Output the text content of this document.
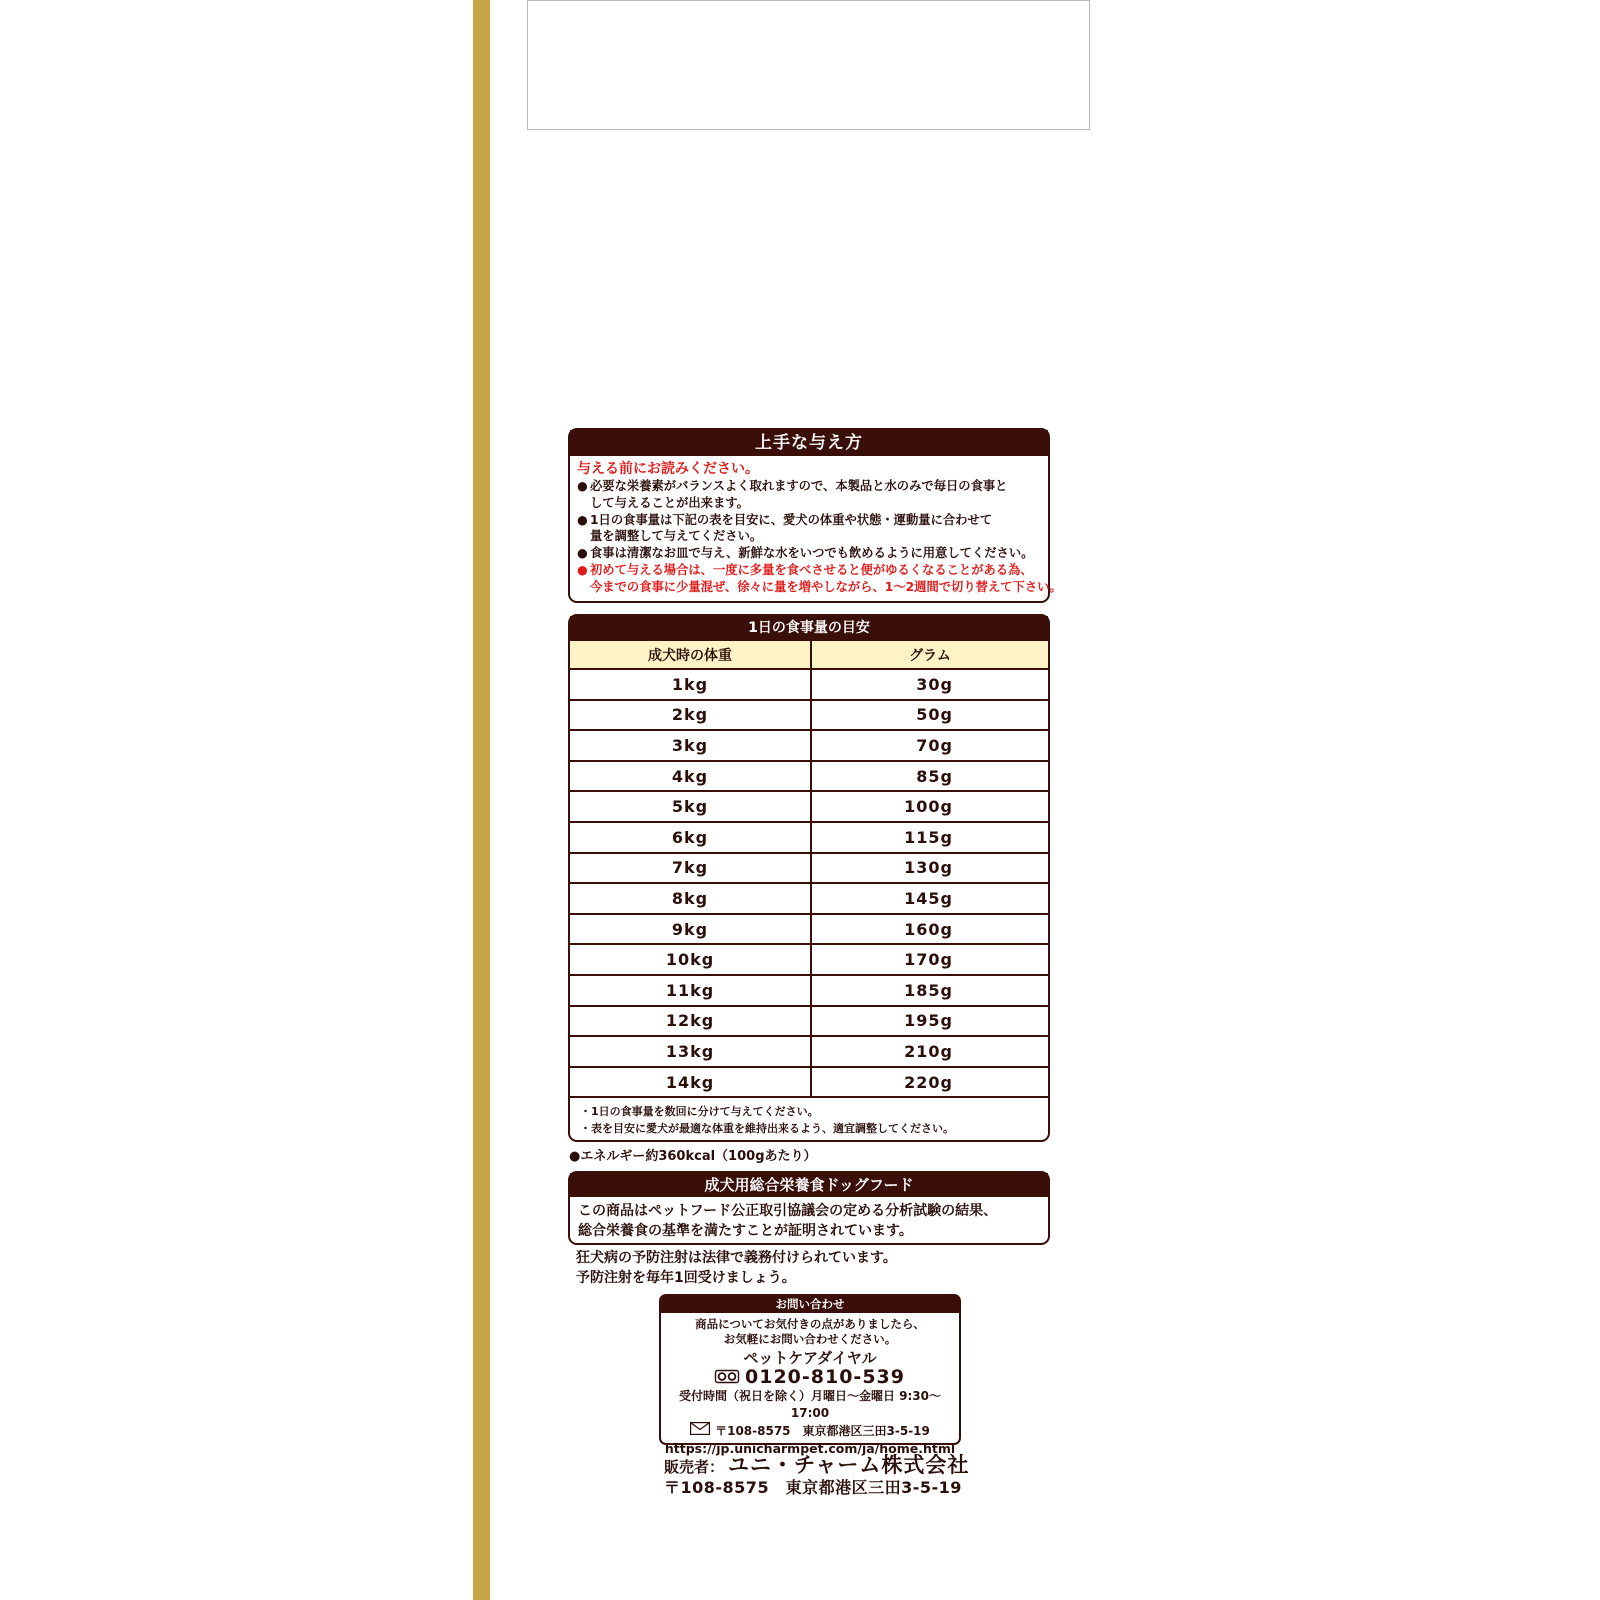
上手な与え方
与える前にお読みください。
● 必要な栄養素がバランスよく取れますので、本製品と水のみで毎日の食事と
して与えることが出来ます。
● 1日の食事量は下記の表を目安に、愛犬の体重や状態・運動量に合わせて
量を調整して与えてください。
● 食事は清潔なお皿で与え、新鮮な水をいつでも飲めるように用意してください。
● 初めて与える場合は、一度に多量を食べさせると便がゆるくなることがある為、
今までの食事に少量混ぜ、徐々に量を増やしながら、1〜2週間で切り替えて下さい。
1日の食事量の目安
成犬時の体重	グラム
1kg	30g
2kg	50g
3kg	70g
4kg	85g
5kg	100g
6kg	115g
7kg	130g
8kg	145g
9kg	160g
10kg	170g
11kg	185g
12kg	195g
13kg	210g
14kg	220g
・1日の食事量を数回に分けて与えてください。
・表を目安に愛犬が最適な体重を維持出来るよう、適宜調整してください。
●エネルギー約360kcal（100gあたり）
成犬用総合栄養食ドッグフード
この商品はペットフード公正取引協議会の定める分析試験の結果、
総合栄養食の基準を満たすことが証明されています。
狂犬病の予防注射は法律で義務付けられています。
予防注射を毎年1回受けましょう。
お問い合わせ
商品についてお気付きの点がありましたら、
お気軽にお問い合わせください。
ペットケアダイヤル
0120-810-539
受付時間（祝日を除く）月曜日〜金曜日 9:30〜17:00
〒108-8575　東京都港区三田3-5-19
https://jp.unicharmpet.com/ja/home.html
販売者： ユニ・チャーム株式会社
〒108-8575　東京都港区三田3-5-19
